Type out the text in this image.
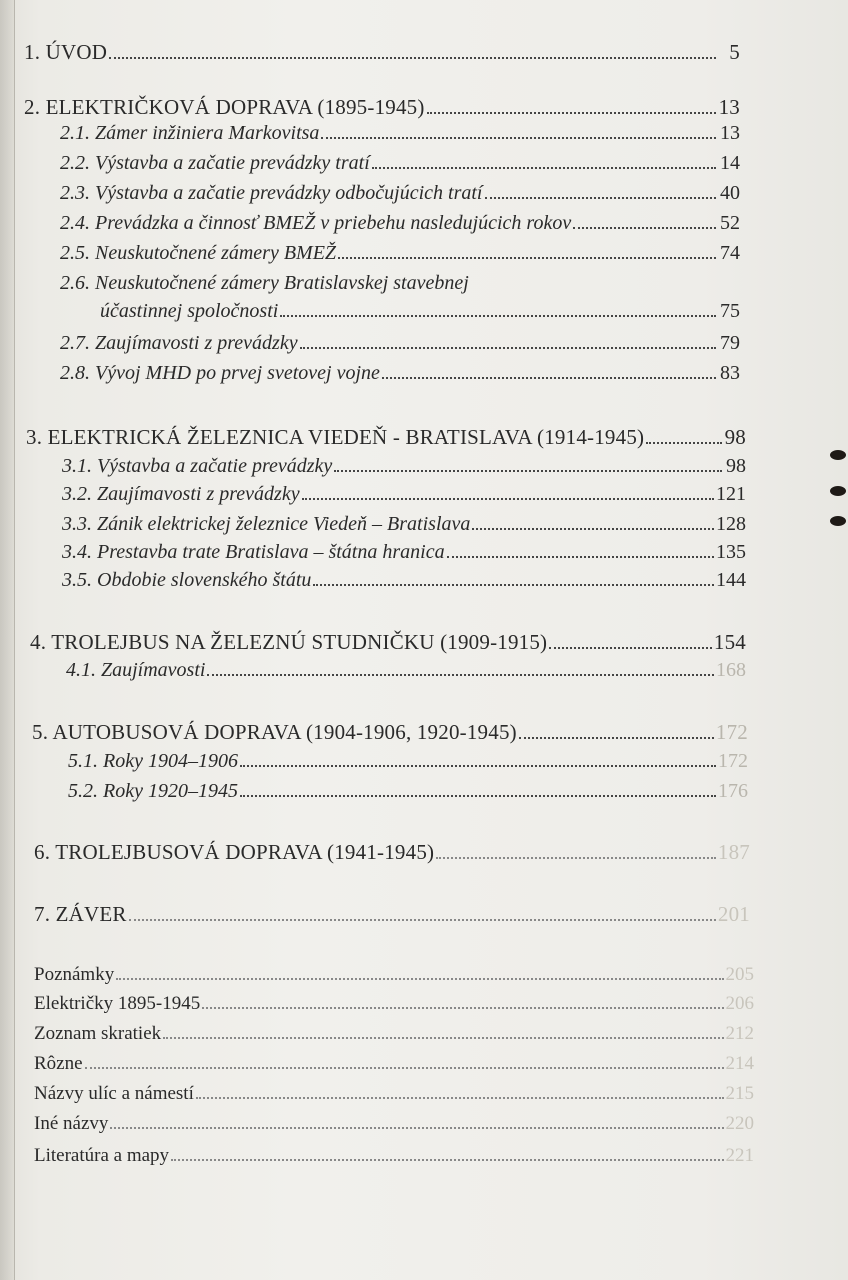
1. ÚVOD	5
2. ELEKTRIČKOVÁ DOPRAVA (1895-1945)	13
2.1. Zámer inžiniera Markovitsa	13
2.2. Výstavba a začatie prevádzky tratí	14
2.3. Výstavba a začatie prevádzky odbočujúcich tratí	40
2.4. Prevádzka a činnosť BMEŽ v priebehu nasledujúcich rokov	52
2.5. Neuskutočnené zámery BMEŽ	74
2.6. Neuskutočnené zámery Bratislavskej stavebnej
účastinnej spoločnosti	75
2.7. Zaujímavosti z prevádzky	79
2.8. Vývoj MHD po prvej svetovej vojne	83
3. ELEKTRICKÁ ŽELEZNICA VIEDEŇ - BRATISLAVA (1914-1945)	98
3.1. Výstavba a začatie prevádzky	98
3.2. Zaujímavosti z prevádzky	121
3.3. Zánik elektrickej železnice Viedeň – Bratislava	128
3.4. Prestavba trate Bratislava – štátna hranica	135
3.5. Obdobie slovenského štátu	144
4. TROLEJBUS NA ŽELEZNÚ STUDNIČKU (1909-1915)	154
4.1. Zaujímavosti	168
5. AUTOBUSOVÁ DOPRAVA (1904-1906, 1920-1945)	172
5.1. Roky 1904–1906	172
5.2. Roky 1920–1945	176
6. TROLEJBUSOVÁ DOPRAVA (1941-1945)	187
7. ZÁVER	201
Poznámky	205
Električky 1895-1945	206
Zoznam skratiek	212
Rôzne	214
Názvy ulíc a námestí	215
Iné názvy	220
Literatúra a mapy	221
